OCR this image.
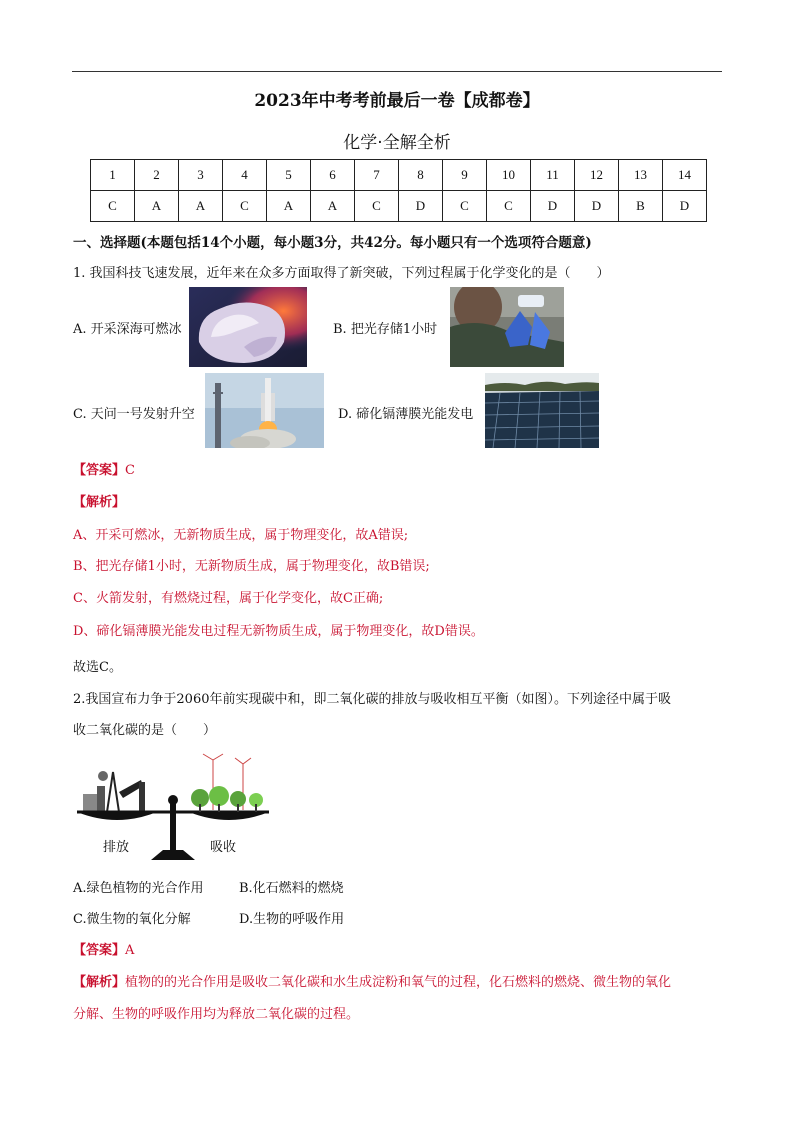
2023年中考考前最后一卷【成都卷】
化学·全解全析
1	2	3	4	5	6	7	8	9	10	11	12	13	14
C	A	A	C	A	A	C	D	C	C	D	D	B	D
一、选择题(本题包括14个小题，每小题3分，共42分。每小题只有一个选项符合题意)
1. 我国科技飞速发展，近年来在众多方面取得了新突破，下列过程属于化学变化的是（　　）
A. 开采深海可燃冰	B. 把光存储1小时
C. 天问一号发射升空	D. 碲化镉薄膜光能发电
【答案】C
【解析】
A、开采可燃冰，无新物质生成，属于物理变化，故A错误;
B、把光存储1小时，无新物质生成，属于物理变化，故B错误;
C、火箭发射，有燃烧过程，属于化学变化，故C正确;
D、碲化镉薄膜光能发电过程无新物质生成，属于物理变化，故D错误。
故选C。
2.我国宣布力争于2060年前实现碳中和，即二氧化碳的排放与吸收相互平衡（如图）。下列途径中属于吸
收二氧化碳的是（　　）
排放	吸收
A.绿色植物的光合作用	B.化石燃料的燃烧
C.微生物的氧化分解	D.生物的呼吸作用
【答案】A
【解析】植物的的光合作用是吸收二氧化碳和水生成淀粉和氧气的过程，化石燃料的燃烧、微生物的氧化
分解、生物的呼吸作用均为释放二氧化碳的过程。
